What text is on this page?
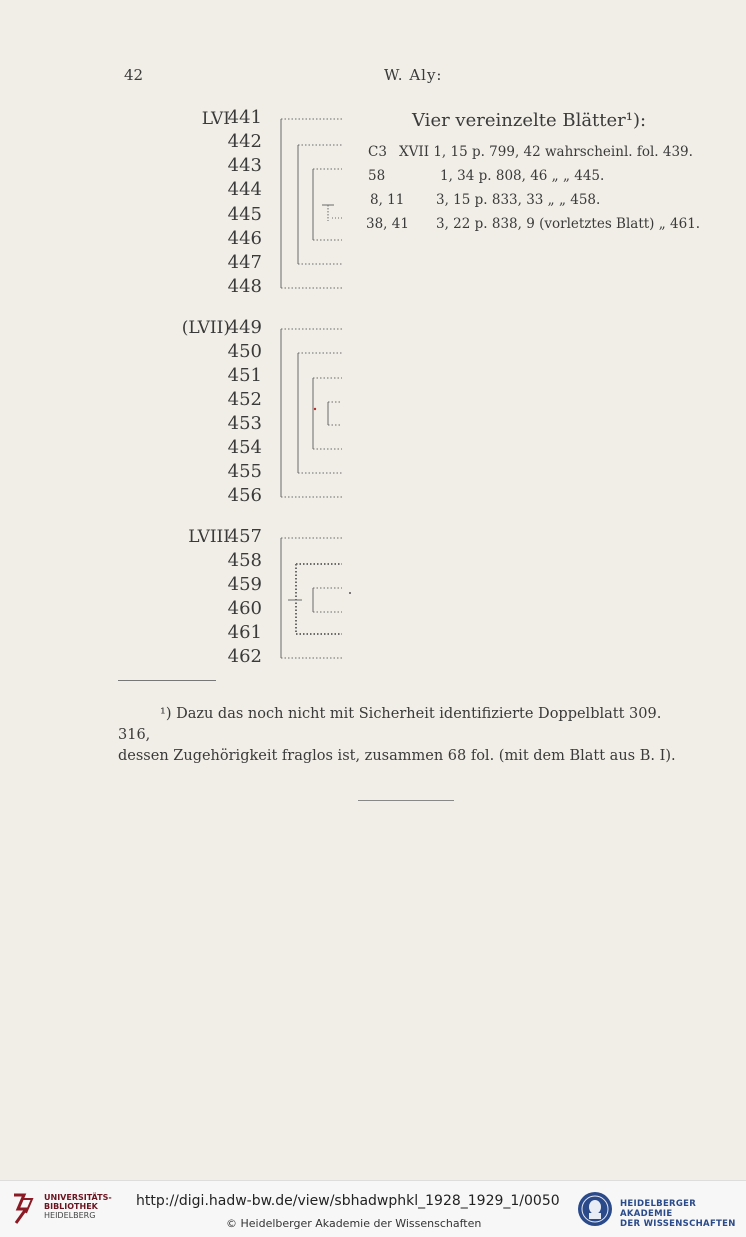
42	W. Aly:
LVI
(LVII)
LVIII
441
442
443
444
445
446
447
448
449
450
451
452
453
454
455
456
457
458
459
460
461
462
Vier vereinzelte Blätter¹):
C3 XVII 1, 15 p. 799, 42 wahrscheinl. fol. 439.
58	1, 34 p. 808, 46 „ „ 445.
8, 11 3, 15 p. 833, 33 „ „ 458.
38, 41 3, 22 p. 838, 9 (vorletztes Blatt) „ 461.
¹) Dazu das noch nicht mit Sicherheit identifizierte Doppelblatt 309. 316,
dessen Zugehörigkeit fraglos ist, zusammen 68 fol. (mit dem Blatt aus B. I).
UNIVERSITÄTS-
BIBLIOTHEK
HEIDELBERG
http://digi.hadw-bw.de/view/sbhadwphkl_1928_1929_1/0050
© Heidelberger Akademie der Wissenschaften
HEIDELBERGER AKADEMIE
DER WISSENSCHAFTEN
